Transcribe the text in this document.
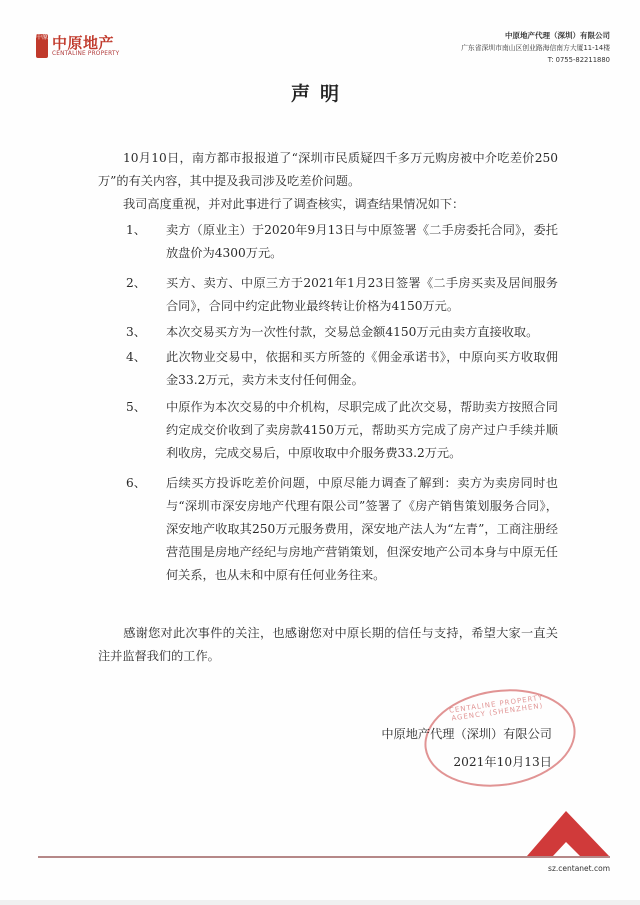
中原 中原地产
CENTALINE PROPERTY
中原地产代理（深圳）有限公司
广东省深圳市南山区创业路海信南方大厦11-14楼
T: 0755-82211880
声明
10月10日，南方都市报报道了“深圳市民质疑四千多万元购房被中介吃差价250万”的有关内容，其中提及我司涉及吃差价问题。
我司高度重视，并对此事进行了调查核实，调查结果情况如下：
1、 卖方（原业主）于2020年9月13日与中原签署《二手房委托合同》，委托放盘价为4300万元。
2、 买方、卖方、中原三方于2021年1月23日签署《二手房买卖及居间服务合同》，合同中约定此物业最终转让价格为4150万元。
3、 本次交易买方为一次性付款，交易总金额4150万元由卖方直接收取。
4、 此次物业交易中，依据和买方所签的《佣金承诺书》，中原向买方收取佣金33.2万元，卖方未支付任何佣金。
5、 中原作为本次交易的中介机构，尽职完成了此次交易，帮助卖方按照合同约定成交价收到了卖房款4150万元，帮助买方完成了房产过户手续并顺利收房，完成交易后，中原收取中介服务费33.2万元。
6、 后续买方投诉吃差价问题，中原尽能力调查了解到：卖方为卖房同时也与“深圳市深安房地产代理有限公司”签署了《房产销售策划服务合同》，深安地产收取其250万元服务费用，深安地产法人为“左青”，工商注册经营范围是房地产经纪与房地产营销策划，但深安地产公司本身与中原无任何关系，也从未和中原有任何业务往来。
感谢您对此次事件的关注，也感谢您对中原长期的信任与支持，希望大家一直关注并监督我们的工作。
CENTALINE PROPERTY AGENCY (SHENZHEN)
中原地产代理（深圳）有限公司
2021年10月13日
sz.centanet.com
